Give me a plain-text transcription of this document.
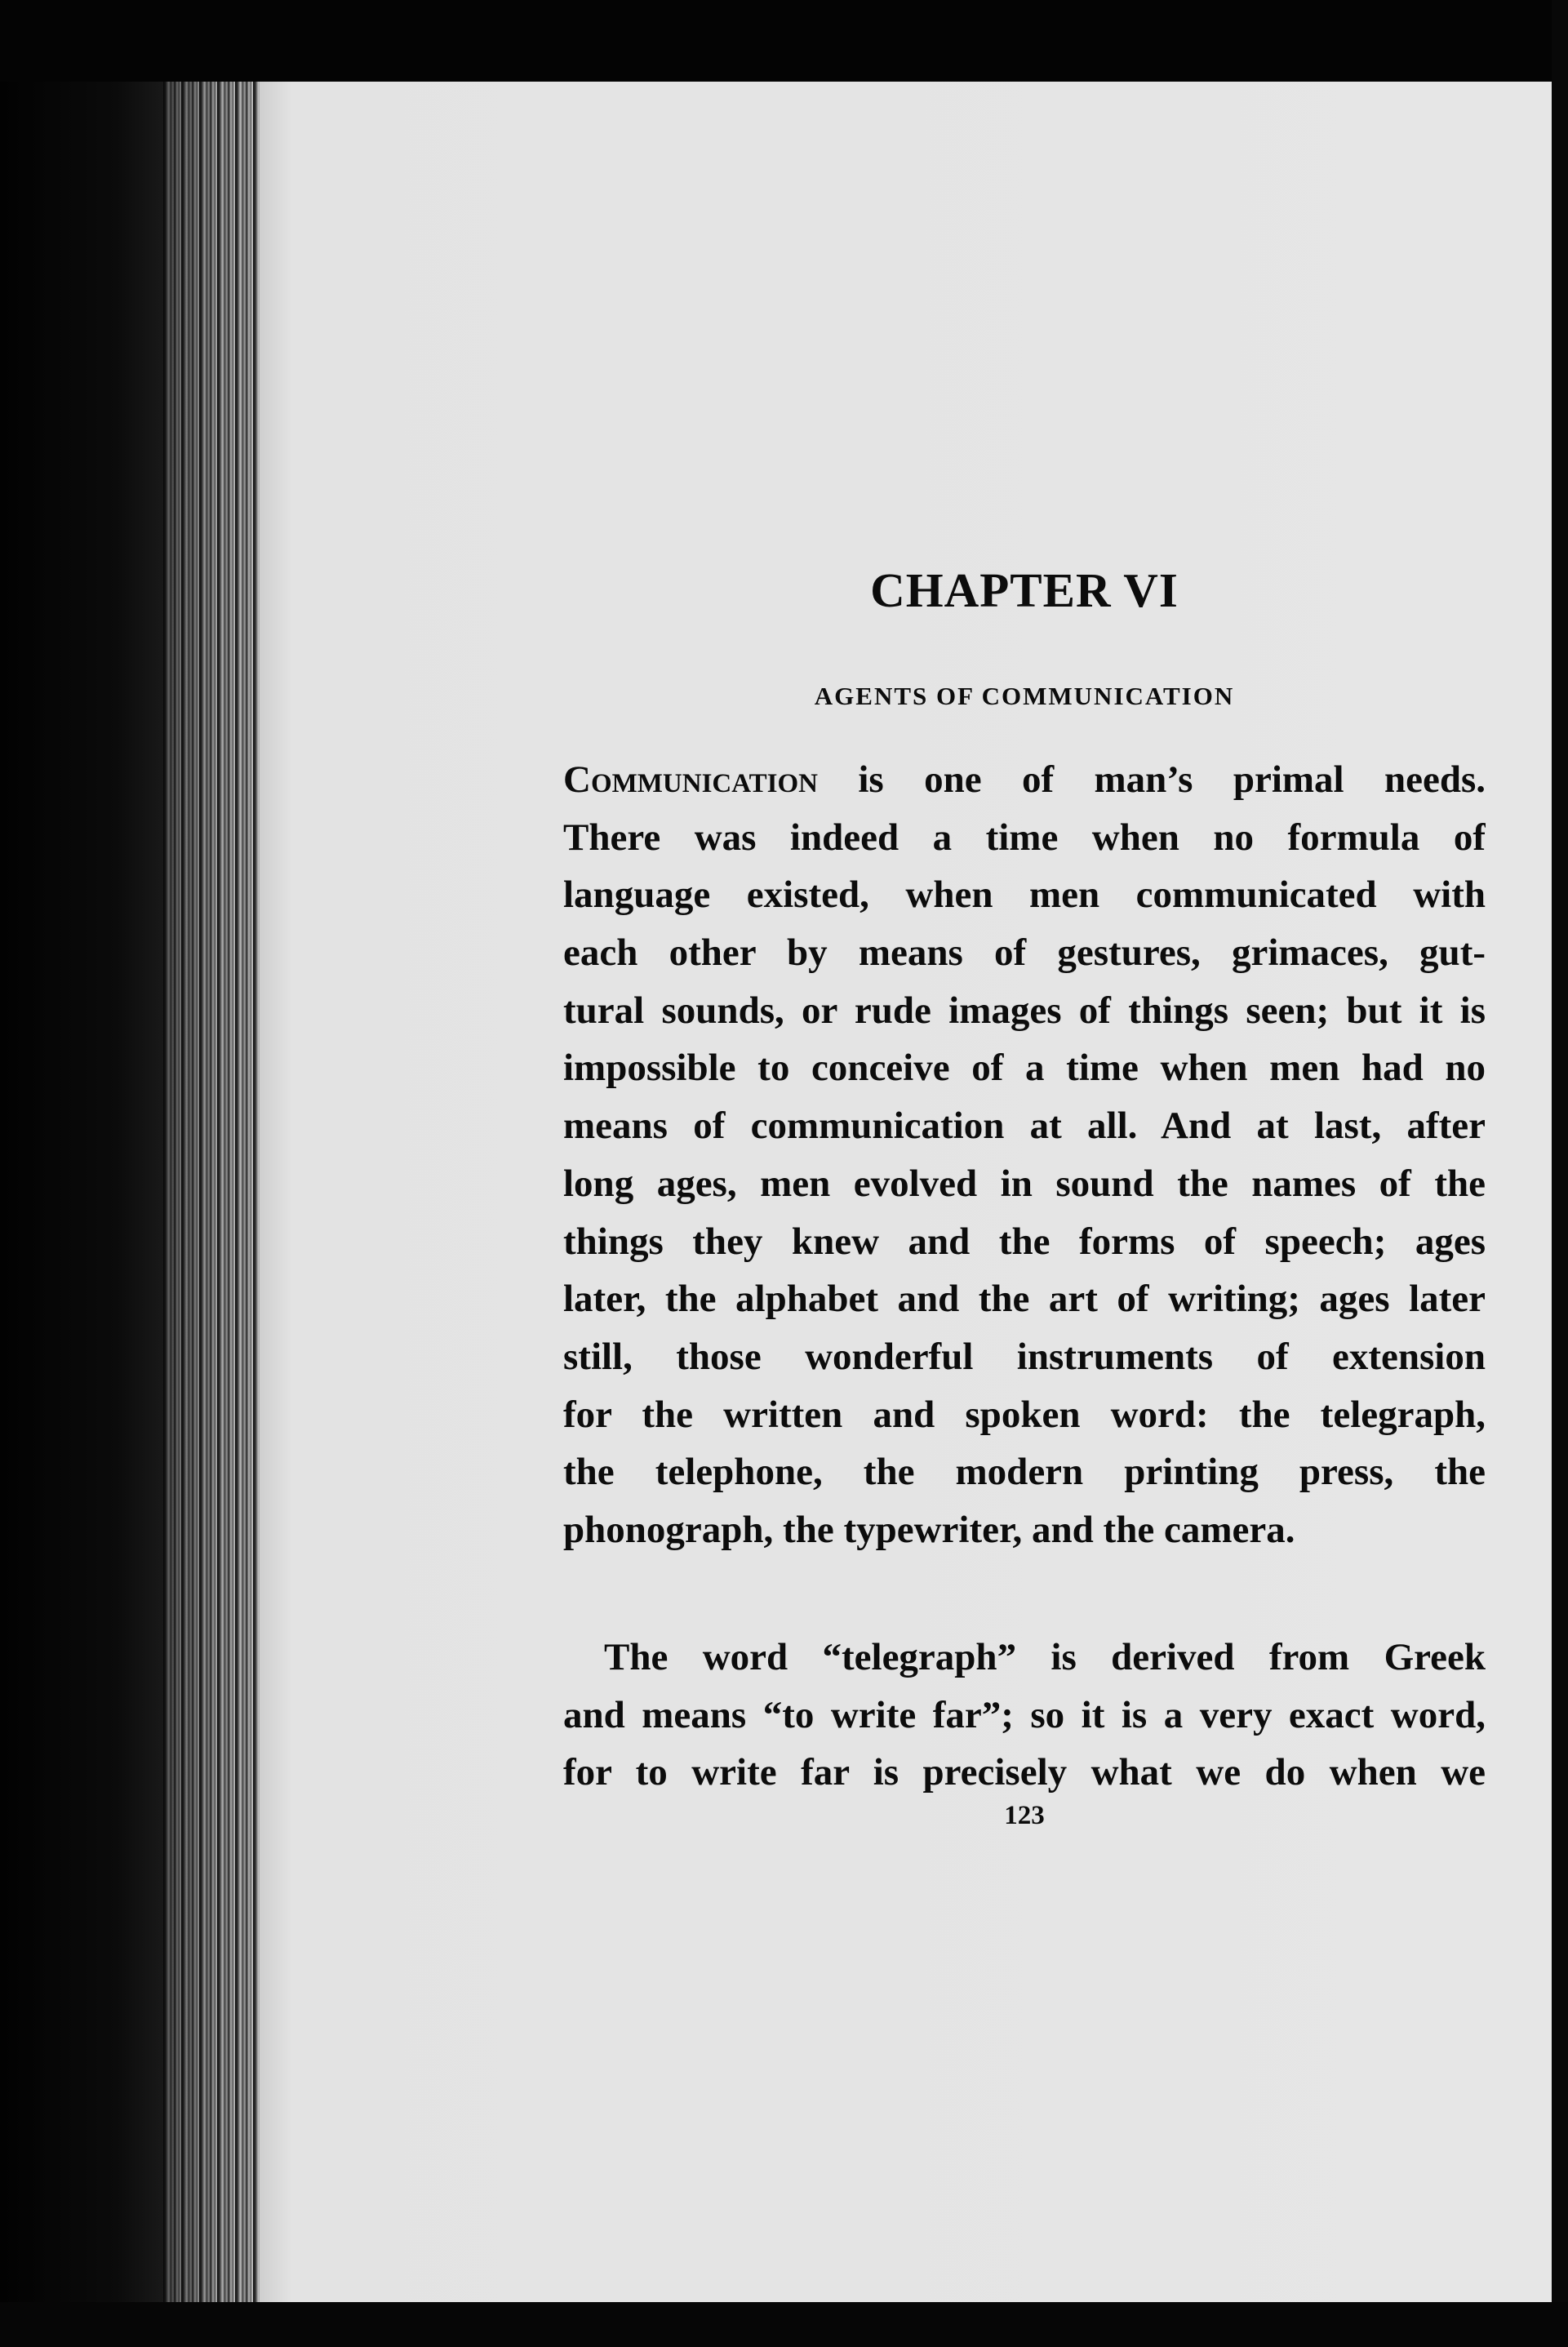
CHAPTER VI
AGENTS OF COMMUNICATION

Communication is one of man’s primal needs.
There was indeed a time when no formula of
language existed, when men communicated with
each other by means of gestures, grimaces, gut-
tural sounds, or rude images of things seen; but it is
impossible to conceive of a time when men had no
means of communication at all. And at last, after
long ages, men evolved in sound the names of the
things they knew and the forms of speech; ages
later, the alphabet and the art of writing; ages later
still, those wonderful instruments of extension
for the written and spoken word: the telegraph,
the telephone, the modern printing press, the
phonograph, the typewriter, and the camera.

The word “telegraph” is derived from Greek
and means “to write far”; so it is a very exact word,
for to write far is precisely what we do when we

123
